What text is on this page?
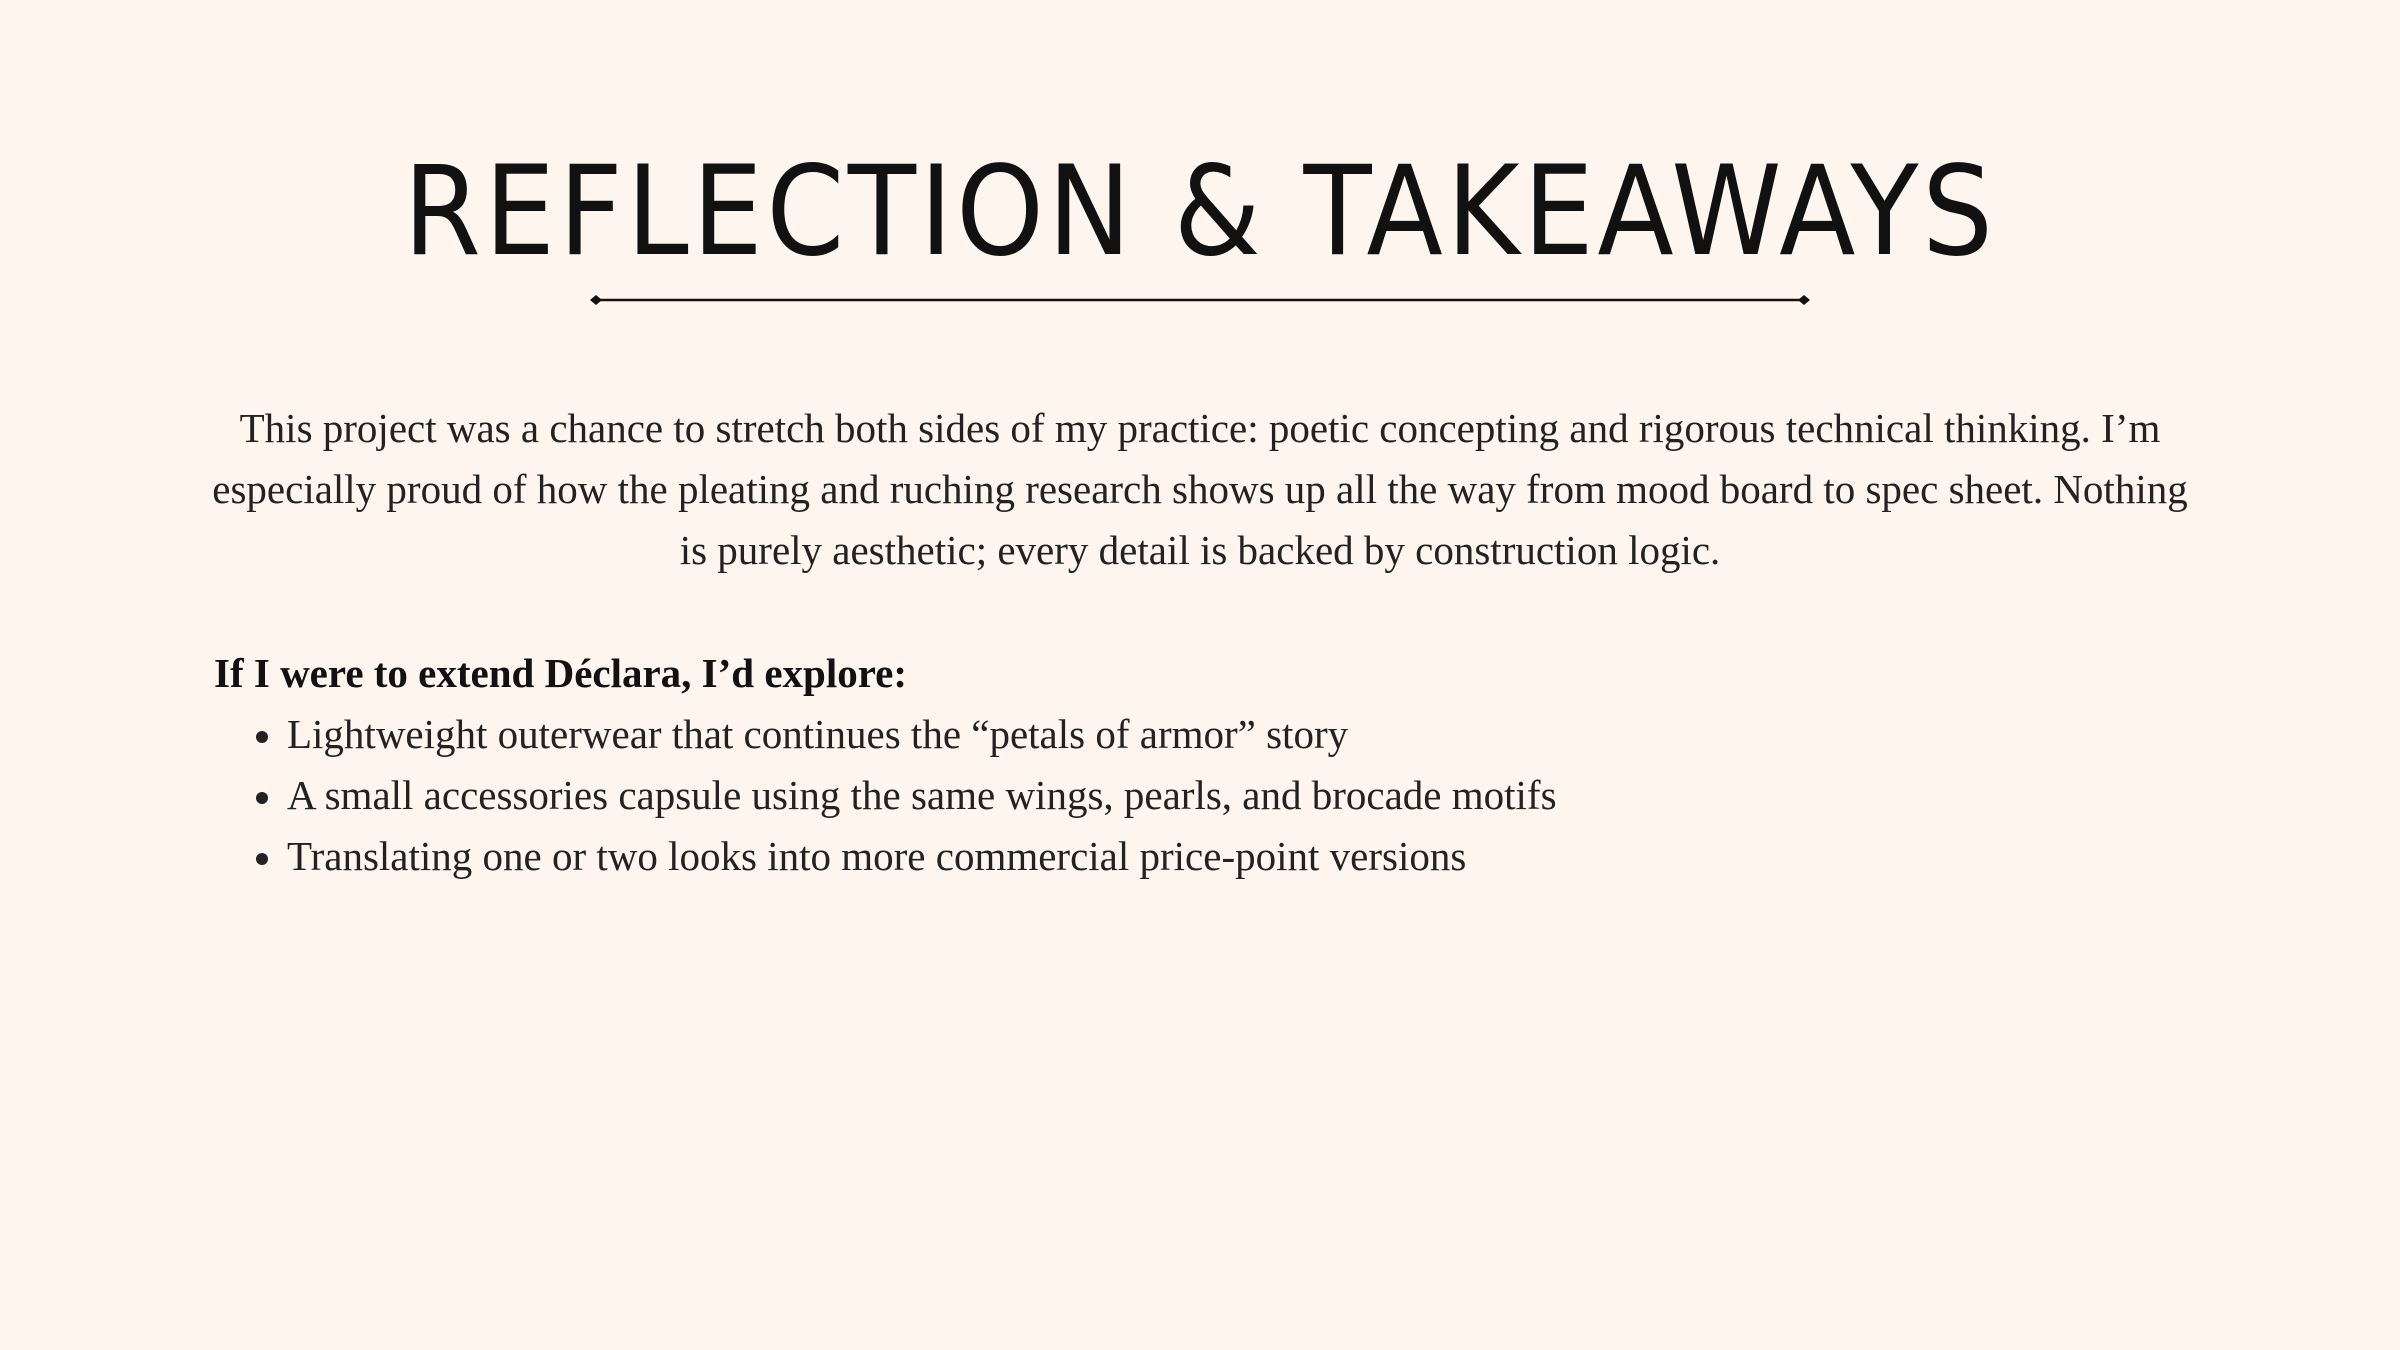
REFLECTION & TAKEAWAYS

This project was a chance to stretch both sides of my practice: poetic concepting and rigorous technical thinking. I’m especially proud of how the pleating and ruching research shows up all the way from mood board to spec sheet. Nothing is purely aesthetic; every detail is backed by construction logic.

If I were to extend Déclara, I’d explore:
Lightweight outerwear that continues the “petals of armor” story
A small accessories capsule using the same wings, pearls, and brocade motifs
Translating one or two looks into more commercial price-point versions
